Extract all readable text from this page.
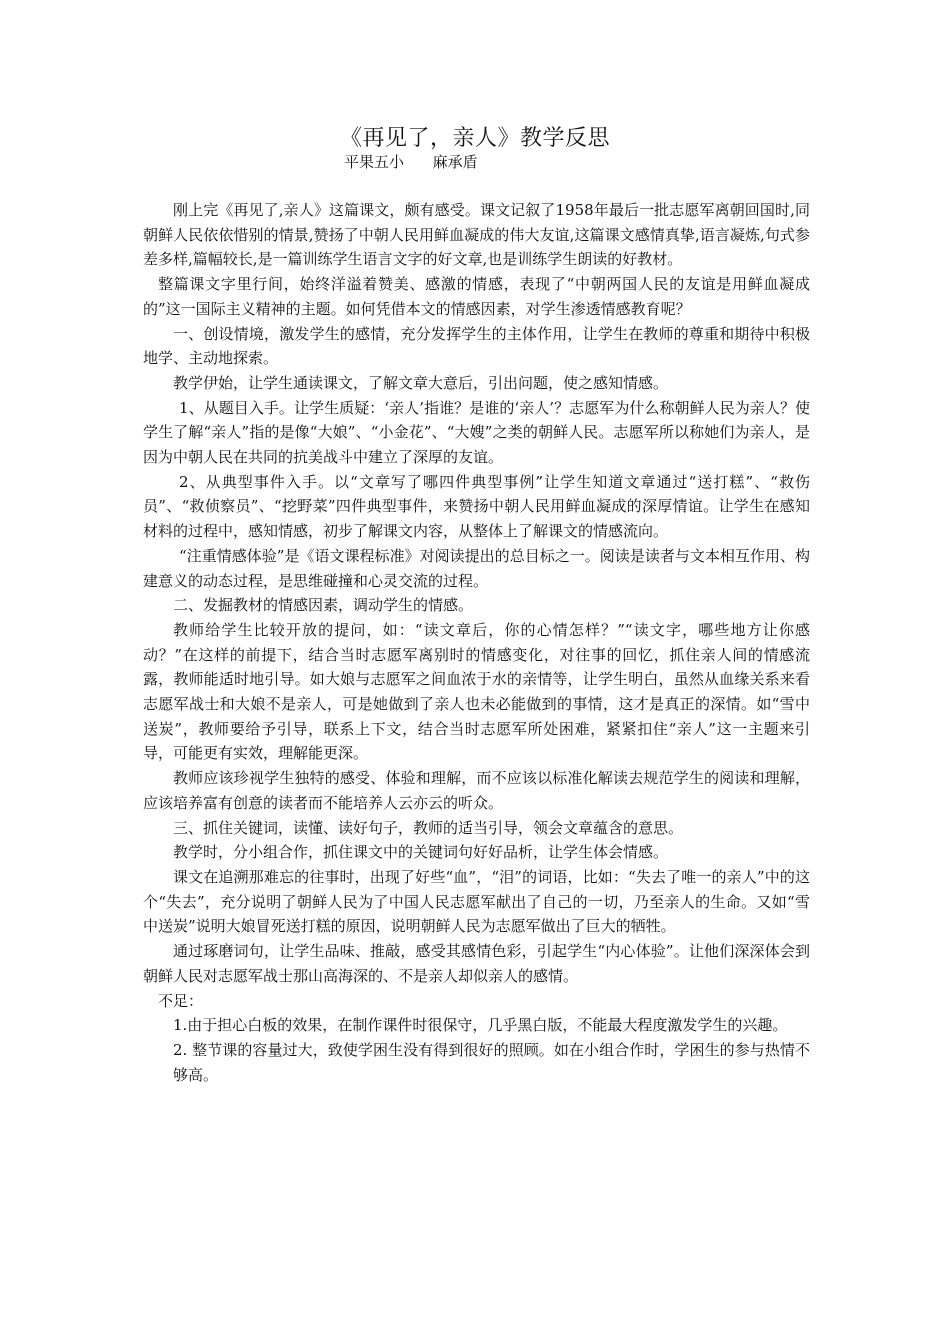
《再见了，亲人》教学反思
平果五小      麻承盾

刚上完《再见了,亲人》这篇课文，颇有感受。课文记叙了1958年最后一批志愿军离朝回国时,同朝鲜人民依依惜别的情景,赞扬了中朝人民用鲜血凝成的伟大友谊,这篇课文感情真挚,语言凝炼,句式参差多样,篇幅较长,是一篇训练学生语言文字的好文章,也是训练学生朗读的好教材。

整篇课文字里行间，始终洋溢着赞美、感激的情感，表现了“中朝两国人民的友谊是用鲜血凝成的”这一国际主义精神的主题。如何凭借本文的情感因素，对学生渗透情感教育呢？

一、创设情境，激发学生的感情，充分发挥学生的主体作用，让学生在教师的尊重和期待中积极地学、主动地探索。

教学伊始，让学生通读课文，了解文章大意后，引出问题，使之感知情感。

1、从题目入手。让学生质疑：‘亲人’指谁？是谁的‘亲人’？志愿军为什么称朝鲜人民为亲人？使学生了解“亲人”指的是像“大娘”、“小金花”、“大嫂”之类的朝鲜人民。志愿军所以称她们为亲人，是因为中朝人民在共同的抗美战斗中建立了深厚的友谊。

2、从典型事件入手。以“文章写了哪四件典型事例”让学生知道文章通过“送打糕”、“救伤员”、“救侦察员”、“挖野菜”四件典型事件，来赞扬中朝人民用鲜血凝成的深厚情谊。让学生在感知材料的过程中，感知情感，初步了解课文内容，从整体上了解课文的情感流向。

“注重情感体验”是《语文课程标准》对阅读提出的总目标之一。阅读是读者与文本相互作用、构建意义的动态过程，是思维碰撞和心灵交流的过程。

二、发掘教材的情感因素，调动学生的情感。

教师给学生比较开放的提问，如：“读文章后，你的心情怎样？”“读文字，哪些地方让你感动？”在这样的前提下，结合当时志愿军离别时的情感变化，对往事的回忆，抓住亲人间的情感流露，教师能适时地引导。如大娘与志愿军之间血浓于水的亲情等，让学生明白，虽然从血缘关系来看志愿军战士和大娘不是亲人，可是她做到了亲人也未必能做到的事情，这才是真正的深情。如“雪中送炭”，教师要给予引导，联系上下文，结合当时志愿军所处困难，紧紧扣住“亲人”这一主题来引导，可能更有实效，理解能更深。

教师应该珍视学生独特的感受、体验和理解，而不应该以标准化解读去规范学生的阅读和理解，应该培养富有创意的读者而不能培养人云亦云的听众。

三、抓住关键词，读懂、读好句子，教师的适当引导，领会文章蕴含的意思。

教学时，分小组合作，抓住课文中的关键词句好好品析，让学生体会情感。

课文在追溯那难忘的往事时，出现了好些“血”，“泪”的词语，比如：“失去了唯一的亲人”中的这个“失去”，充分说明了朝鲜人民为了中国人民志愿军献出了自己的一切，乃至亲人的生命。又如“雪中送炭”说明大娘冒死送打糕的原因，说明朝鲜人民为志愿军做出了巨大的牺牲。

通过琢磨词句，让学生品味、推敲，感受其感情色彩，引起学生“内心体验”。让他们深深体会到朝鲜人民对志愿军战士那山高海深的、不是亲人却似亲人的感情。

不足：

1.由于担心白板的效果，在制作课件时很保守，几乎黑白版，不能最大程度激发学生的兴趣。

2. 整节课的容量过大，致使学困生没有得到很好的照顾。如在小组合作时，学困生的参与热情不够高。
